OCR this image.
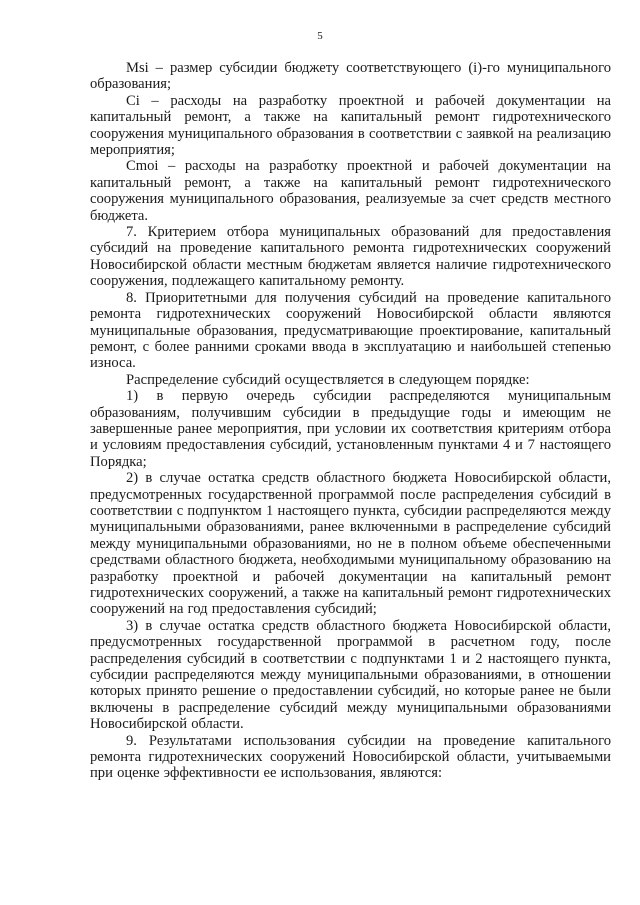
5

Msi – размер субсидии бюджету соответствующего (i)-го муниципального образования;

Ci – расходы на разработку проектной и рабочей документации на капитальный ремонт, а также на капитальный ремонт гидротехнического сооружения муниципального образования в соответствии с заявкой на реализацию мероприятия;

Cmoi – расходы на разработку проектной и рабочей документации на капитальный ремонт, а также на капитальный ремонт гидротехнического сооружения муниципального образования, реализуемые за счет средств местного бюджета.

7. Критерием отбора муниципальных образований для предоставления субсидий на проведение капитального ремонта гидротехнических сооружений Новосибирской области местным бюджетам является наличие гидротехнического сооружения, подлежащего капитальному ремонту.

8. Приоритетными для получения субсидий на проведение капитального ремонта гидротехнических сооружений Новосибирской области являются муниципальные образования, предусматривающие проектирование, капитальный ремонт, с более ранними сроками ввода в эксплуатацию и наибольшей степенью износа.

Распределение субсидий осуществляется в следующем порядке:

1) в первую очередь субсидии распределяются муниципальным образованиям, получившим субсидии в предыдущие годы и имеющим не завершенные ранее мероприятия, при условии их соответствия критериям отбора и условиям предоставления субсидий, установленным пунктами 4 и 7 настоящего Порядка;

2) в случае остатка средств областного бюджета Новосибирской области, предусмотренных государственной программой после распределения субсидий в соответствии с подпунктом 1 настоящего пункта, субсидии распределяются между муниципальными образованиями, ранее включенными в распределение субсидий между муниципальными образованиями, но не в полном объеме обеспеченными средствами областного бюджета, необходимыми муниципальному образованию на разработку проектной и рабочей документации на капитальный ремонт гидротехнических сооружений, а также на капитальный ремонт гидротехнических сооружений на год предоставления субсидий;

3) в случае остатка средств областного бюджета Новосибирской области, предусмотренных государственной программой в расчетном году, после распределения субсидий в соответствии с подпунктами 1 и 2 настоящего пункта, субсидии распределяются между муниципальными образованиями, в отношении которых принято решение о предоставлении субсидий, но которые ранее не были включены в распределение субсидий между муниципальными образованиями Новосибирской области.

9. Результатами использования субсидии на проведение капитального ремонта гидротехнических сооружений Новосибирской области, учитываемыми при оценке эффективности ее использования, являются:
